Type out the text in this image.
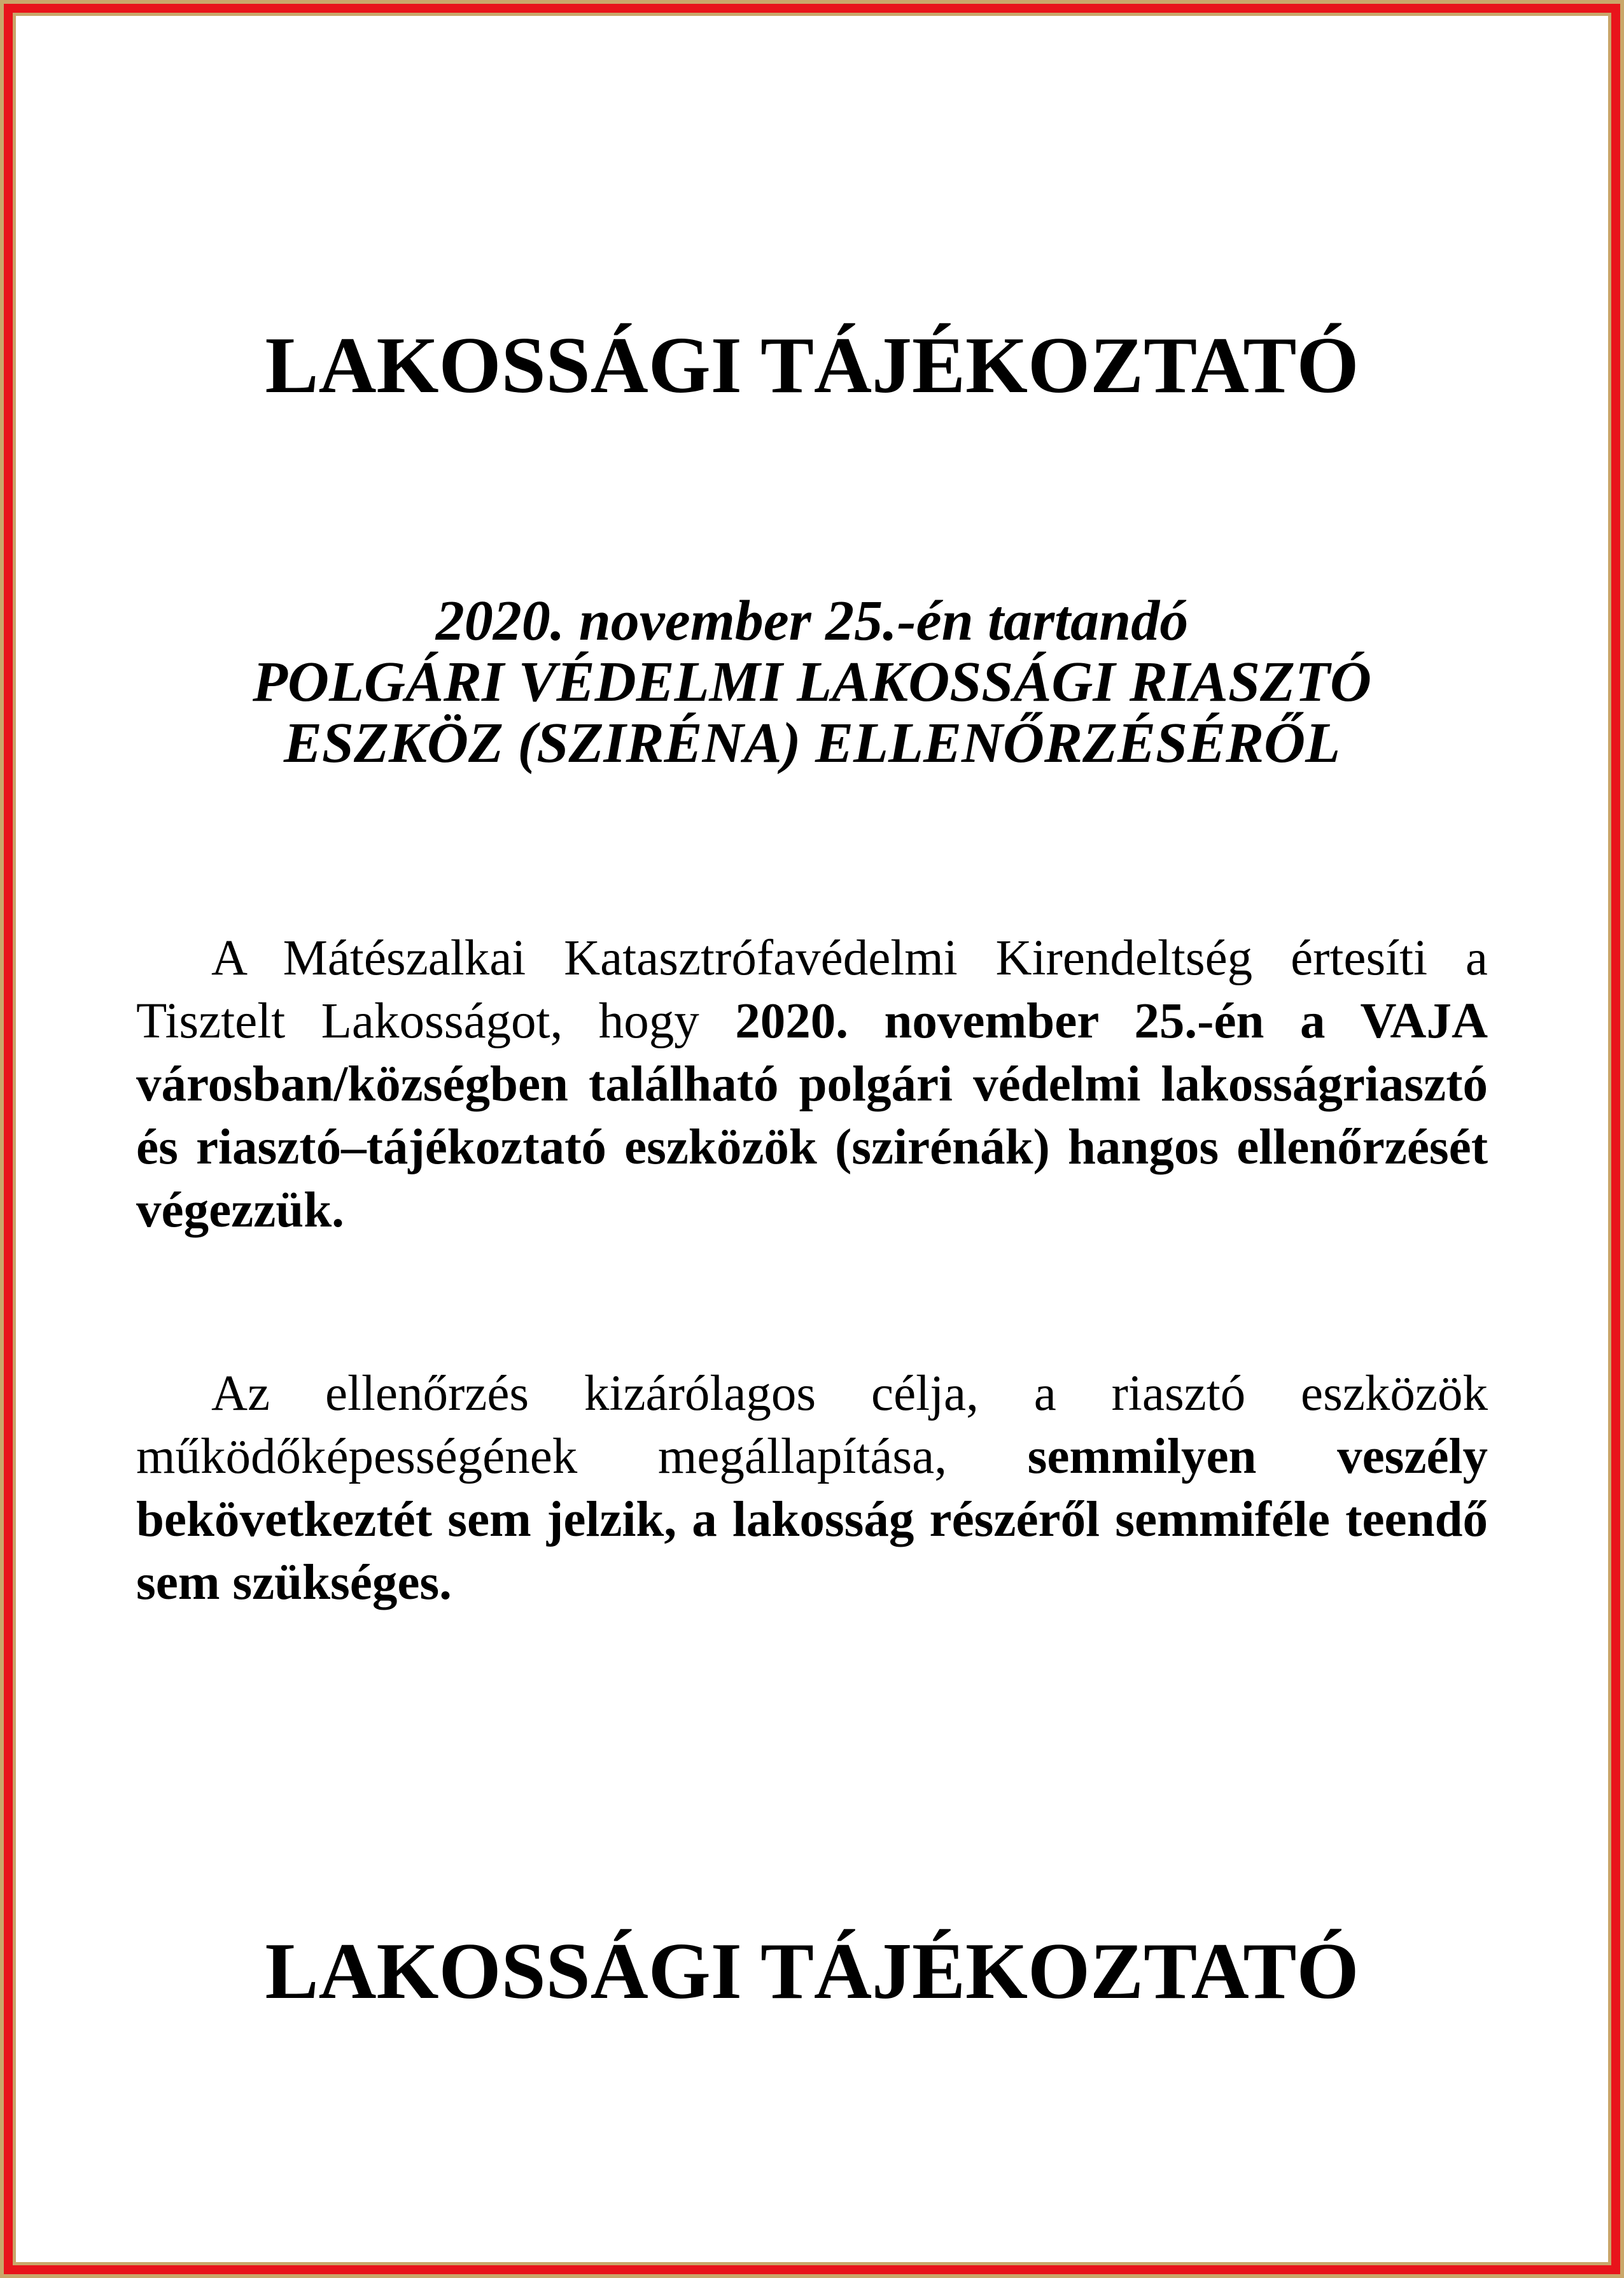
LAKOSSÁGI TÁJÉKOZTATÓ
2020. november 25.-én tartandó
POLGÁRI VÉDELMI LAKOSSÁGI RIASZTÓ
ESZKÖZ (SZIRÉNA) ELLENŐRZÉSÉRŐL

A Mátészalkai Katasztrófavédelmi Kirendeltség értesíti a Tisztelt Lakosságot, hogy 2020. november 25.-én a VAJA városban/községben található polgári védelmi lakosságriasztó és riasztó–tájékoztató eszközök (szirénák) hangos ellenőrzését végezzük.

Az ellenőrzés kizárólagos célja, a riasztó eszközök működőképességének megállapítása, semmilyen veszély bekövetkeztét sem jelzik, a lakosság részéről semmiféle teendő sem szükséges.

LAKOSSÁGI TÁJÉKOZTATÓ
